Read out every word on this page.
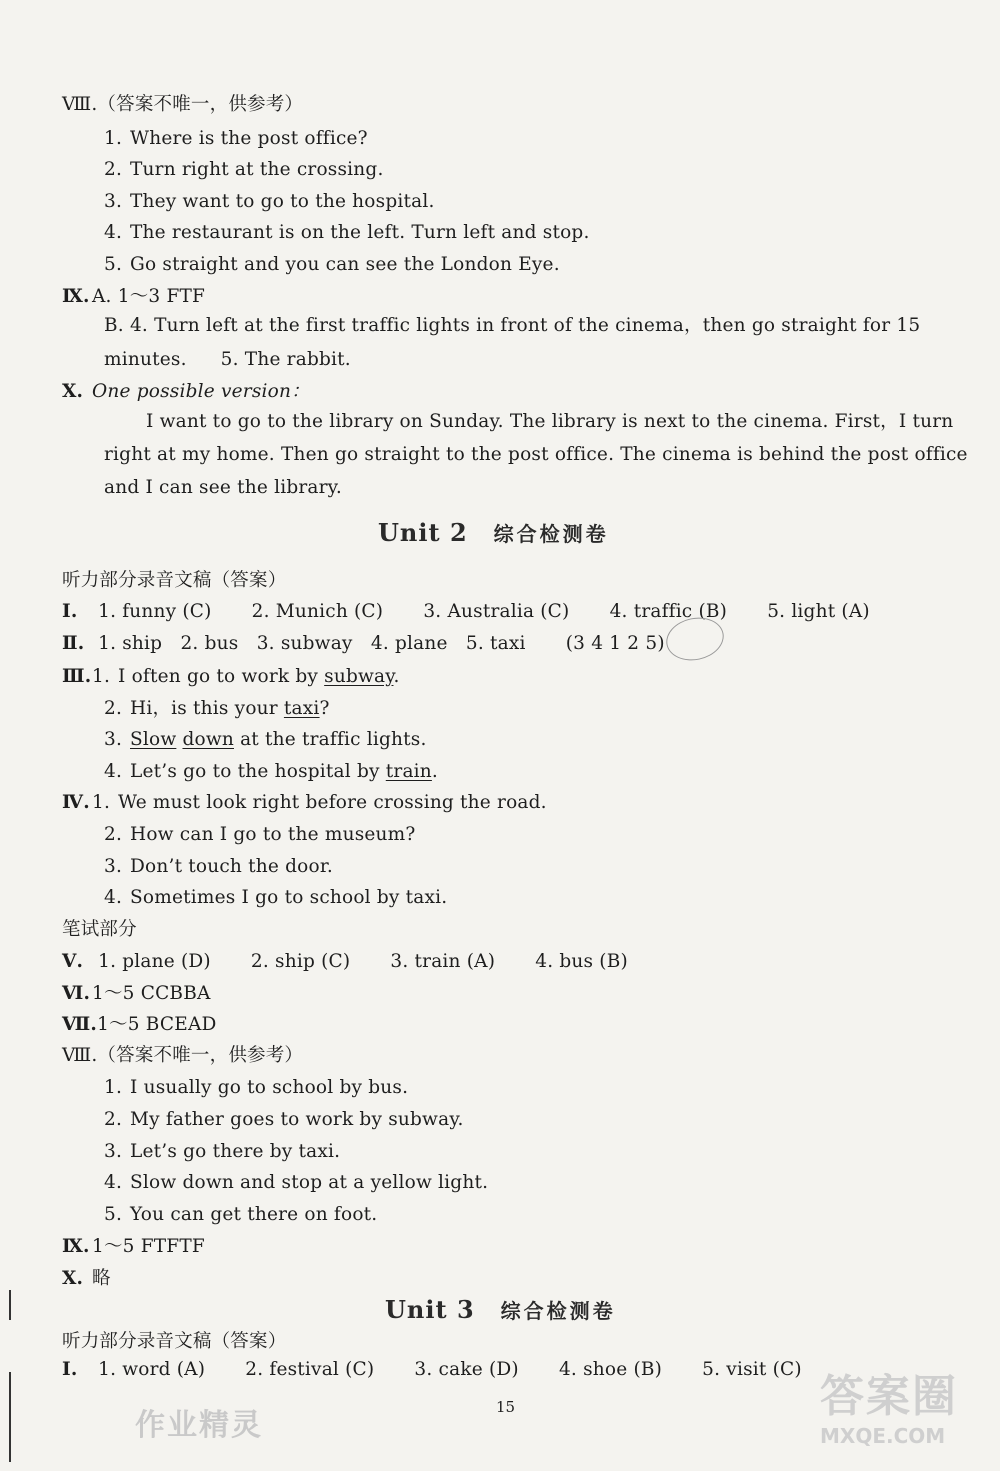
Ⅷ.（答案不唯一，供参考）
1. Where is the post office?
2. Turn right at the crossing.
3. They want to go to the hospital.
4. The restaurant is on the left. Turn left and stop.
5. Go straight and you can see the London Eye.
Ⅸ. A. 1～3 FTF
B. 4. Turn left at the first traffic lights in front of the cinema，then go straight for 15
minutes. 5. The rabbit.
Ⅹ. One possible version：
I want to go to the library on Sunday. The library is next to the cinema. First，I turn
right at my home. Then go straight to the post office. The cinema is behind the post office
and I can see the library.
Unit 2 综合检测卷
听力部分录音文稿（答案）
Ⅰ. 1. funny (C) 2. Munich (C) 3. Australia (C) 4. traffic (B) 5. light (A)
Ⅱ. 1. ship 2. bus 3. subway 4. plane 5. taxi (3 4 1 2 5)
Ⅲ.1. I often go to work by subway.
2. Hi，is this your taxi?
3. Slow down at the traffic lights.
4. Let’s go to the hospital by train.
Ⅳ. 1. We must look right before crossing the road.
2. How can I go to the museum?
3. Don’t touch the door.
4. Sometimes I go to school by taxi.
笔试部分
Ⅴ. 1. plane (D) 2. ship (C) 3. train (A) 4. bus (B)
Ⅵ. 1～5 CCBBA
Ⅶ.1～5 BCEAD
Ⅷ.（答案不唯一，供参考）
1. I usually go to school by bus.
2. My father goes to work by subway.
3. Let’s go there by taxi.
4. Slow down and stop at a yellow light.
5. You can get there on foot.
Ⅸ. 1～5 FTFTF
Ⅹ. 略
Unit 3 综合检测卷
听力部分录音文稿（答案）
Ⅰ. 1. word (A) 2. festival (C) 3. cake (D) 4. shoe (B) 5. visit (C)
15
作业精灵
答案圈
MXQE.COM
